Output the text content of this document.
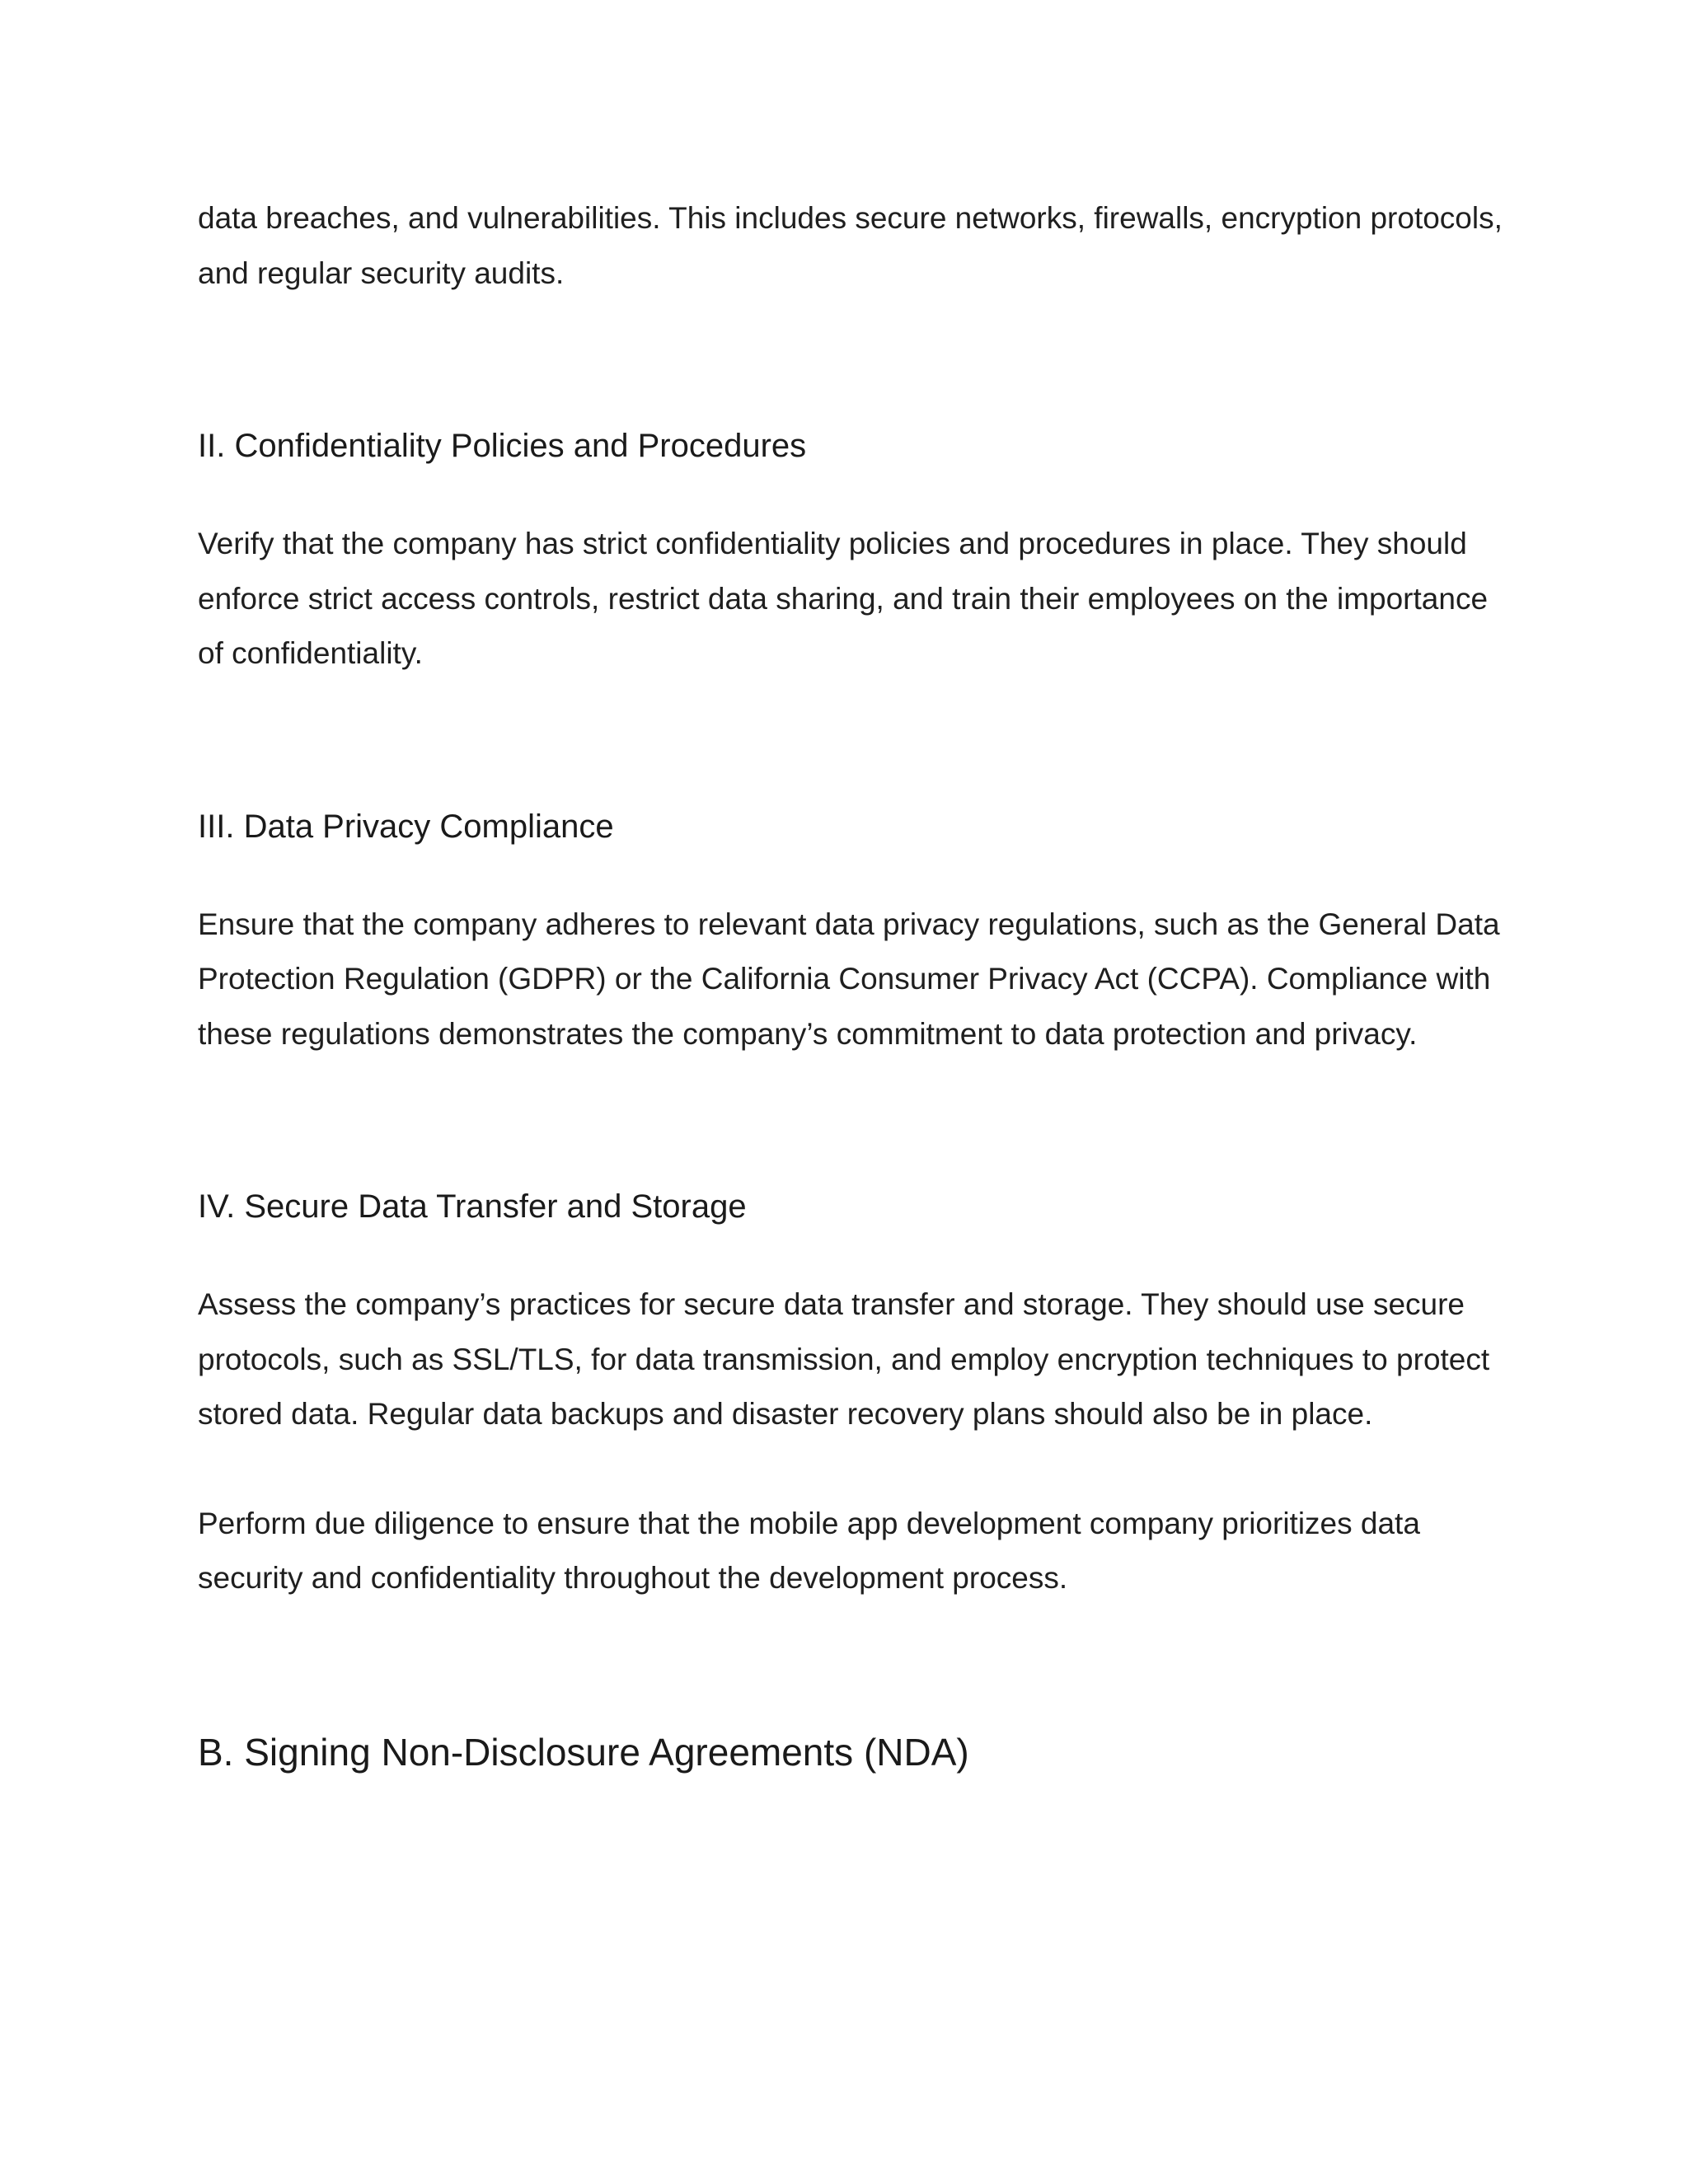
data breaches, and vulnerabilities. This includes secure networks, firewalls, encryption protocols, and regular security audits.

II. Confidentiality Policies and Procedures

Verify that the company has strict confidentiality policies and procedures in place. They should enforce strict access controls, restrict data sharing, and train their employees on the importance of confidentiality.

III. Data Privacy Compliance

Ensure that the company adheres to relevant data privacy regulations, such as the General Data Protection Regulation (GDPR) or the California Consumer Privacy Act (CCPA). Compliance with these regulations demonstrates the company’s commitment to data protection and privacy.

IV. Secure Data Transfer and Storage

Assess the company’s practices for secure data transfer and storage. They should use secure protocols, such as SSL/TLS, for data transmission, and employ encryption techniques to protect stored data. Regular data backups and disaster recovery plans should also be in place.

Perform due diligence to ensure that the mobile app development company prioritizes data security and confidentiality throughout the development process.

B. Signing Non-Disclosure Agreements (NDA)
